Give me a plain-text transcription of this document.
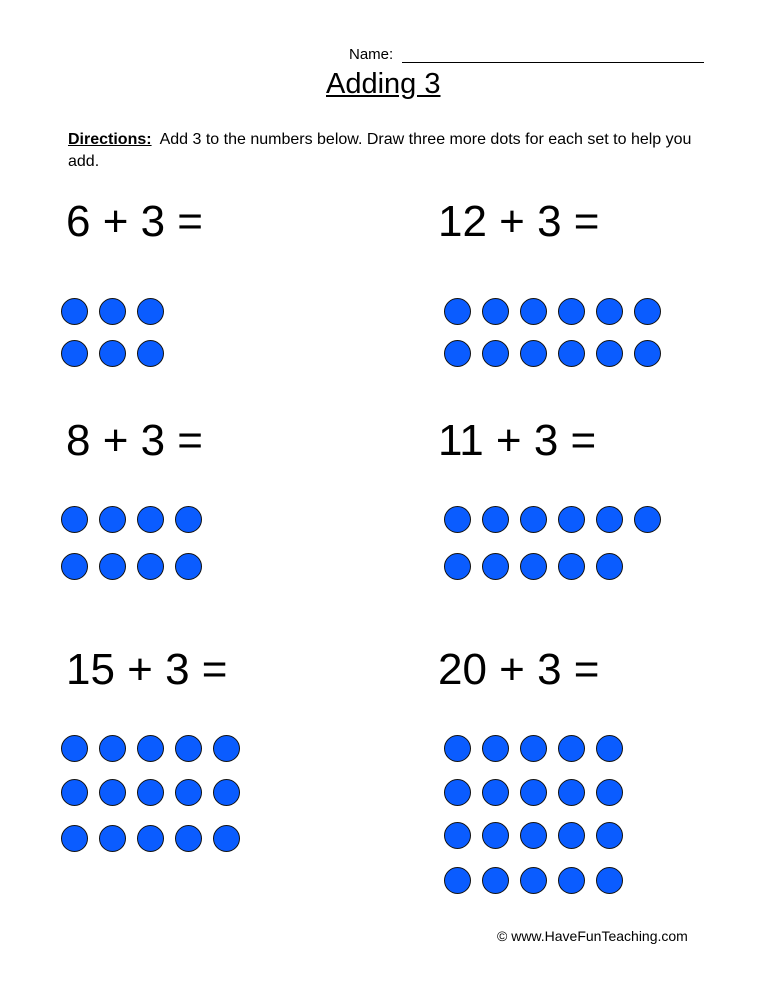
Name:
Adding 3
Directions: Add 3 to the numbers below. Draw three more dots for each set to help you add.
6 + 3 =	12 + 3 =
8 + 3 =	11 + 3 =
15 + 3 =	20 + 3 =
© www.HaveFunTeaching.com
